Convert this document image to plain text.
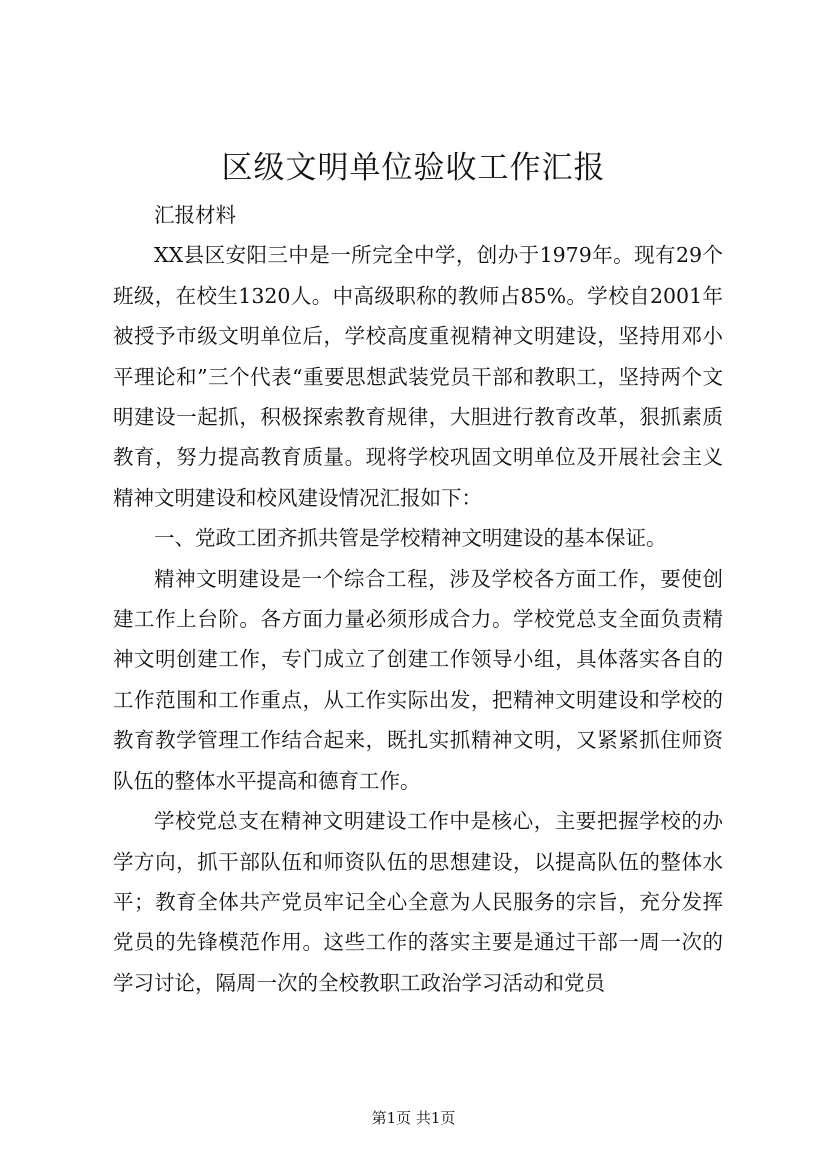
区级文明单位验收工作汇报

汇报材料

XX县区安阳三中是一所完全中学，创办于1979年。现有29个班级，在校生1320人。中高级职称的教师占85%。学校自2001年被授予市级文明单位后，学校高度重视精神文明建设，坚持用邓小平理论和”三个代表“重要思想武装党员干部和教职工，坚持两个文明建设一起抓，积极探索教育规律，大胆进行教育改革，狠抓素质教育，努力提高教育质量。现将学校巩固文明单位及开展社会主义精神文明建设和校风建设情况汇报如下：

一、党政工团齐抓共管是学校精神文明建设的基本保证。

精神文明建设是一个综合工程，涉及学校各方面工作，要使创建工作上台阶。各方面力量必须形成合力。学校党总支全面负责精神文明创建工作，专门成立了创建工作领导小组，具体落实各自的工作范围和工作重点，从工作实际出发，把精神文明建设和学校的教育教学管理工作结合起来，既扎实抓精神文明，又紧紧抓住师资队伍的整体水平提高和德育工作。

学校党总支在精神文明建设工作中是核心，主要把握学校的办学方向，抓干部队伍和师资队伍的思想建设，以提高队伍的整体水平；教育全体共产党员牢记全心全意为人民服务的宗旨，充分发挥党员的先锋模范作用。这些工作的落实主要是通过干部一周一次的学习讨论，隔周一次的全校教职工政治学习活动和党员

第1页 共1页
